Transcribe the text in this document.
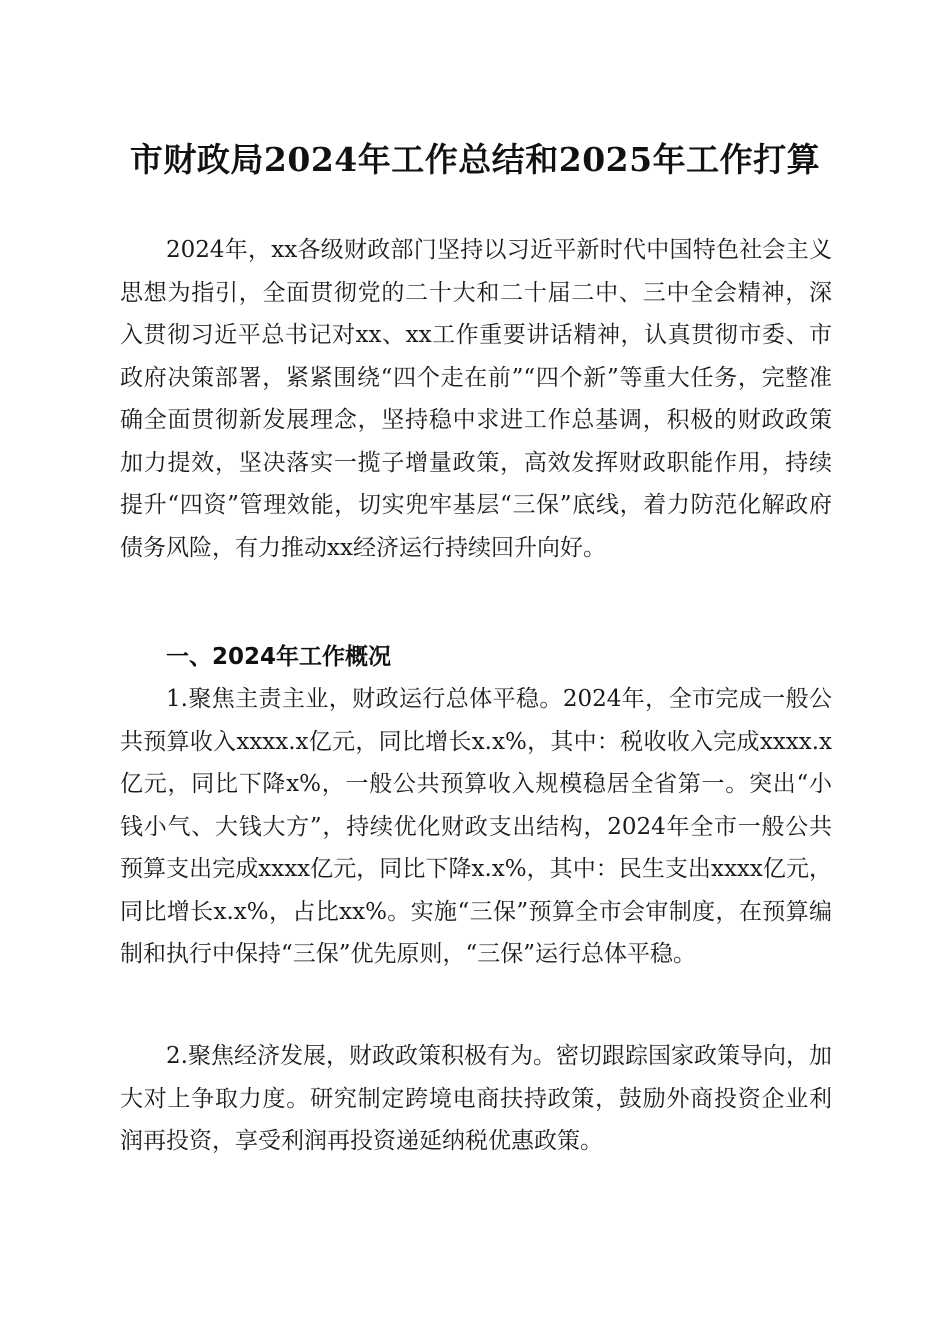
市财政局2024年工作总结和2025年工作打算

2024年，xx各级财政部门坚持以习近平新时代中国特色社会主义思想为指引，全面贯彻党的二十大和二十届二中、三中全会精神，深入贯彻习近平总书记对xx、xx工作重要讲话精神，认真贯彻市委、市政府决策部署，紧紧围绕“四个走在前”“四个新”等重大任务，完整准确全面贯彻新发展理念，坚持稳中求进工作总基调，积极的财政政策加力提效，坚决落实一揽子增量政策，高效发挥财政职能作用，持续提升“四资”管理效能，切实兜牢基层“三保”底线，着力防范化解政府债务风险，有力推动xx经济运行持续回升向好。

一、2024年工作概况

1.聚焦主责主业，财政运行总体平稳。2024年，全市完成一般公共预算收入xxxx.x亿元，同比增长x.x%，其中：税收收入完成xxxx.x亿元，同比下降x%，一般公共预算收入规模稳居全省第一。突出“小钱小气、大钱大方”，持续优化财政支出结构，2024年全市一般公共预算支出完成xxxx亿元，同比下降x.x%，其中：民生支出xxxx亿元，同比增长x.x%，占比xx%。实施“三保”预算全市会审制度，在预算编制和执行中保持“三保”优先原则，“三保”运行总体平稳。

2.聚焦经济发展，财政政策积极有为。密切跟踪国家政策导向，加大对上争取力度。研究制定跨境电商扶持政策，鼓励外商投资企业利润再投资，享受利润再投资递延纳税优惠政策。
